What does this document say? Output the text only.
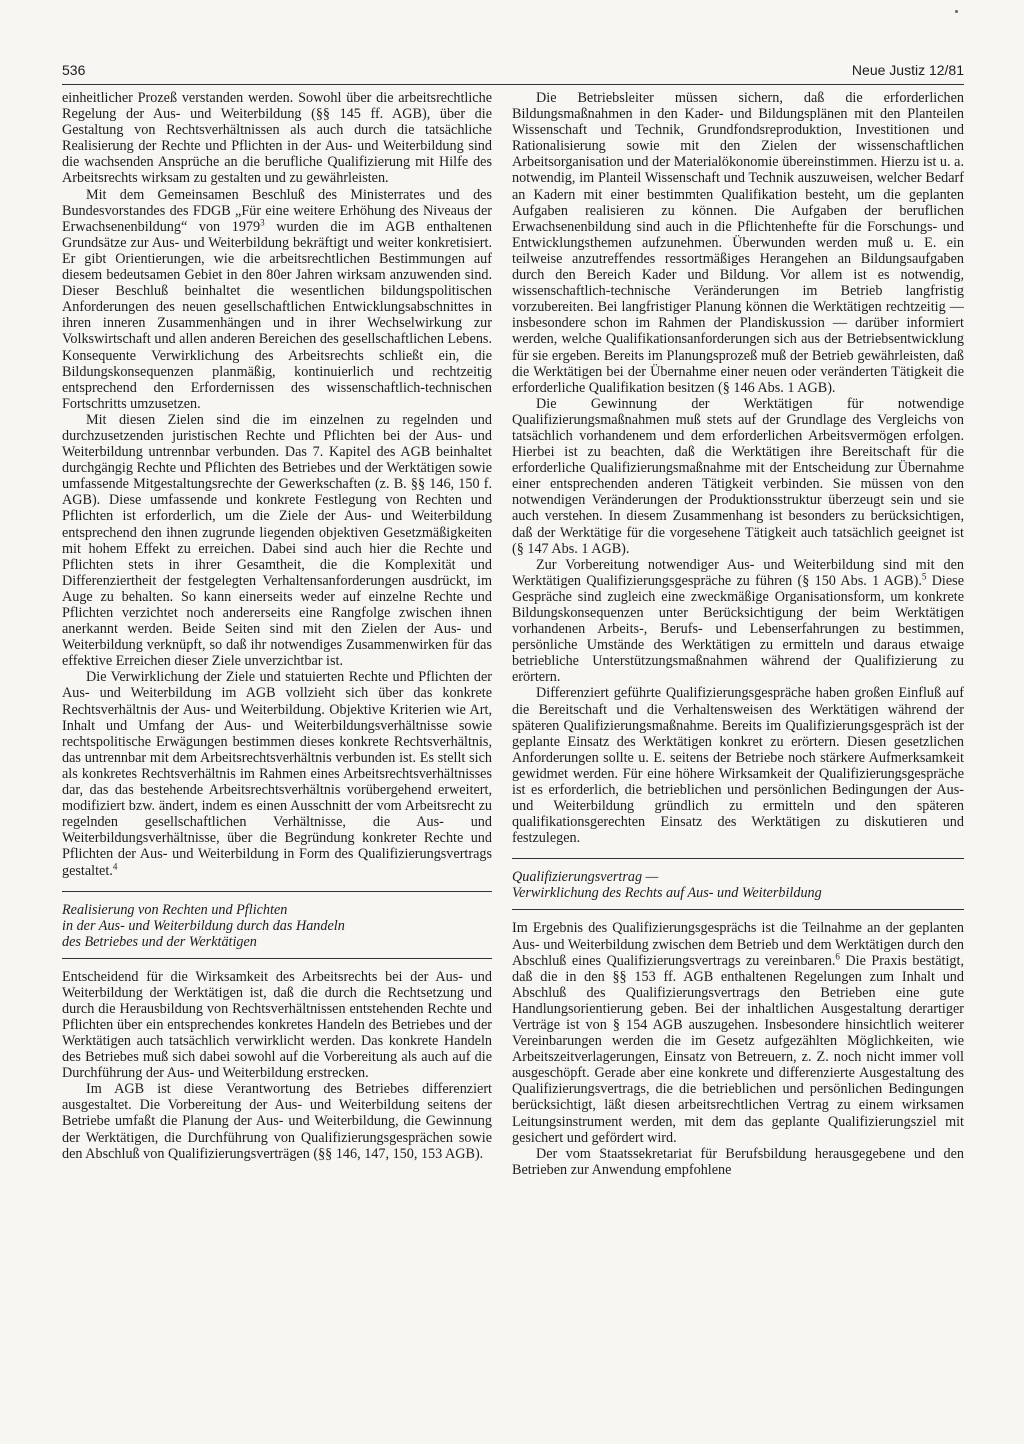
536	Neue Justiz 12/81

einheitlicher Prozeß verstanden werden. Sowohl über die arbeitsrechtliche Regelung der Aus- und Weiterbildung (§§ 145 ff. AGB), über die Gestaltung von Rechtsverhältnissen als auch durch die tatsächliche Realisierung der Rechte und Pflichten in der Aus- und Weiterbildung sind die wachsenden Ansprüche an die berufliche Qualifizierung mit Hilfe des Arbeitsrechts wirksam zu gestalten und zu gewährleisten.

Mit dem Gemeinsamen Beschluß des Ministerrates und des Bundesvorstandes des FDGB „Für eine weitere Erhöhung des Niveaus der Erwachsenenbildung“ von 1979$^3$ wurden die im AGB enthaltenen Grundsätze zur Aus- und Weiterbildung bekräftigt und weiter konkretisiert. Er gibt Orientierungen, wie die arbeitsrechtlichen Bestimmungen auf diesem bedeutsamen Gebiet in den 80er Jahren wirksam anzuwenden sind. Dieser Beschluß beinhaltet die wesentlichen bildungspolitischen Anforderungen des neuen gesellschaftlichen Entwicklungsabschnittes in ihren inneren Zusammenhängen und in ihrer Wechselwirkung zur Volkswirtschaft und allen anderen Bereichen des gesellschaftlichen Lebens. Konsequente Verwirklichung des Arbeitsrechts schließt ein, die Bildungskonsequenzen planmäßig, kontinuierlich und rechtzeitig entsprechend den Erfordernissen des wissenschaftlich-technischen Fortschritts umzusetzen.

Mit diesen Zielen sind die im einzelnen zu regelnden und durchzusetzenden juristischen Rechte und Pflichten bei der Aus- und Weiterbildung untrennbar verbunden. Das 7. Kapitel des AGB beinhaltet durchgängig Rechte und Pflichten des Betriebes und der Werktätigen sowie umfassende Mitgestaltungsrechte der Gewerkschaften (z. B. §§ 146, 150 f. AGB). Diese umfassende und konkrete Festlegung von Rechten und Pflichten ist erforderlich, um die Ziele der Aus- und Weiterbildung entsprechend den ihnen zugrunde liegenden objektiven Gesetzmäßigkeiten mit hohem Effekt zu erreichen. Dabei sind auch hier die Rechte und Pflichten stets in ihrer Gesamtheit, die die Komplexität und Differenziertheit der festgelegten Verhaltensanforderungen ausdrückt, im Auge zu behalten. So kann einerseits weder auf einzelne Rechte und Pflichten verzichtet noch andererseits eine Rangfolge zwischen ihnen anerkannt werden. Beide Seiten sind mit den Zielen der Aus- und Weiterbildung verknüpft, so daß ihr notwendiges Zusammenwirken für das effektive Erreichen dieser Ziele unverzichtbar ist.

Die Verwirklichung der Ziele und statuierten Rechte und Pflichten der Aus- und Weiterbildung im AGB vollzieht sich über das konkrete Rechtsverhältnis der Aus- und Weiterbildung. Objektive Kriterien wie Art, Inhalt und Umfang der Aus- und Weiterbildungsverhältnisse sowie rechtspolitische Erwägungen bestimmen dieses konkrete Rechtsverhältnis, das untrennbar mit dem Arbeitsrechtsverhältnis verbunden ist. Es stellt sich als konkretes Rechtsverhältnis im Rahmen eines Arbeitsrechtsverhältnisses dar, das das bestehende Arbeitsrechtsverhältnis vorübergehend erweitert, modifiziert bzw. ändert, indem es einen Ausschnitt der vom Arbeitsrecht zu regelnden gesellschaftlichen Verhältnisse, die Aus- und Weiterbildungsverhältnisse, über die Begründung konkreter Rechte und Pflichten der Aus- und Weiterbildung in Form des Qualifizierungsvertrags gestaltet.$^4$

Realisierung von Rechten und Pflichten
in der Aus- und Weiterbildung durch das Handeln
des Betriebes und der Werktätigen

Entscheidend für die Wirksamkeit des Arbeitsrechts bei der Aus- und Weiterbildung der Werktätigen ist, daß die durch die Rechtsetzung und durch die Herausbildung von Rechtsverhältnissen entstehenden Rechte und Pflichten über ein entsprechendes konkretes Handeln des Betriebes und der Werktätigen auch tatsächlich verwirklicht werden. Das konkrete Handeln des Betriebes muß sich dabei sowohl auf die Vorbereitung als auch auf die Durchführung der Aus- und Weiterbildung erstrecken.

Im AGB ist diese Verantwortung des Betriebes differenziert ausgestaltet. Die Vorbereitung der Aus- und Weiterbildung seitens der Betriebe umfaßt die Planung der Aus- und Weiterbildung, die Gewinnung der Werktätigen, die Durchführung von Qualifizierungsgesprächen sowie den Abschluß von Qualifizierungsverträgen (§§ 146, 147, 150, 153 AGB).

Die Betriebsleiter müssen sichern, daß die erforderlichen Bildungsmaßnahmen in den Kader- und Bildungsplänen mit den Planteilen Wissenschaft und Technik, Grundfondsreproduktion, Investitionen und Rationalisierung sowie mit den Zielen der wissenschaftlichen Arbeitsorganisation und der Materialökonomie übereinstimmen. Hierzu ist u. a. notwendig, im Planteil Wissenschaft und Technik auszuweisen, welcher Bedarf an Kadern mit einer bestimmten Qualifikation besteht, um die geplanten Aufgaben realisieren zu können. Die Aufgaben der beruflichen Erwachsenenbildung sind auch in die Pflichtenhefte für die Forschungs- und Entwicklungsthemen aufzunehmen. Überwunden werden muß u. E. ein teilweise anzutreffendes ressortmäßiges Herangehen an Bildungsaufgaben durch den Bereich Kader und Bildung. Vor allem ist es notwendig, wissenschaftlich-technische Veränderungen im Betrieb langfristig vorzubereiten. Bei langfristiger Planung können die Werktätigen rechtzeitig — insbesondere schon im Rahmen der Plandiskussion — darüber informiert werden, welche Qualifikationsanforderungen sich aus der Betriebsentwicklung für sie ergeben. Bereits im Planungsprozeß muß der Betrieb gewährleisten, daß die Werktätigen bei der Übernahme einer neuen oder veränderten Tätigkeit die erforderliche Qualifikation besitzen (§ 146 Abs. 1 AGB).

Die Gewinnung der Werktätigen für notwendige Qualifizierungsmaßnahmen muß stets auf der Grundlage des Vergleichs von tatsächlich vorhandenem und dem erforderlichen Arbeitsvermögen erfolgen. Hierbei ist zu beachten, daß die Werktätigen ihre Bereitschaft für die erforderliche Qualifizierungsmaßnahme mit der Entscheidung zur Übernahme einer entsprechenden anderen Tätigkeit verbinden. Sie müssen von den notwendigen Veränderungen der Produktionsstruktur überzeugt sein und sie auch verstehen. In diesem Zusammenhang ist besonders zu berücksichtigen, daß der Werktätige für die vorgesehene Tätigkeit auch tatsächlich geeignet ist (§ 147 Abs. 1 AGB).

Zur Vorbereitung notwendiger Aus- und Weiterbildung sind mit den Werktätigen Qualifizierungsgespräche zu führen (§ 150 Abs. 1 AGB).$^5$ Diese Gespräche sind zugleich eine zweckmäßige Organisationsform, um konkrete Bildungskonsequenzen unter Berücksichtigung der beim Werktätigen vorhandenen Arbeits-, Berufs- und Lebenserfahrungen zu bestimmen, persönliche Umstände des Werktätigen zu ermitteln und daraus etwaige betriebliche Unterstützungsmaßnahmen während der Qualifizierung zu erörtern.

Differenziert geführte Qualifizierungsgespräche haben großen Einfluß auf die Bereitschaft und die Verhaltensweisen des Werktätigen während der späteren Qualifizierungsmaßnahme. Bereits im Qualifizierungsgespräch ist der geplante Einsatz des Werktätigen konkret zu erörtern. Diesen gesetzlichen Anforderungen sollte u. E. seitens der Betriebe noch stärkere Aufmerksamkeit gewidmet werden. Für eine höhere Wirksamkeit der Qualifizierungsgespräche ist es erforderlich, die betrieblichen und persönlichen Bedingungen der Aus- und Weiterbildung gründlich zu ermitteln und den späteren qualifikationsgerechten Einsatz des Werktätigen zu diskutieren und festzulegen.

Qualifizierungsvertrag —
Verwirklichung des Rechts auf Aus- und Weiterbildung

Im Ergebnis des Qualifizierungsgesprächs ist die Teilnahme an der geplanten Aus- und Weiterbildung zwischen dem Betrieb und dem Werktätigen durch den Abschluß eines Qualifizierungsvertrags zu vereinbaren.$^6$ Die Praxis bestätigt, daß die in den §§ 153 ff. AGB enthaltenen Regelungen zum Inhalt und Abschluß des Qualifizierungsvertrags den Betrieben eine gute Handlungsorientierung geben. Bei der inhaltlichen Ausgestaltung derartiger Verträge ist von § 154 AGB auszugehen. Insbesondere hinsichtlich weiterer Vereinbarungen werden die im Gesetz aufgezählten Möglichkeiten, wie Arbeitszeitverlagerungen, Einsatz von Betreuern, z. Z. noch nicht immer voll ausgeschöpft. Gerade aber eine konkrete und differenzierte Ausgestaltung des Qualifizierungsvertrags, die die betrieblichen und persönlichen Bedingungen berücksichtigt, läßt diesen arbeitsrechtlichen Vertrag zu einem wirksamen Leitungsinstrument werden, mit dem das geplante Qualifizierungsziel mit gesichert und gefördert wird.

Der vom Staatssekretariat für Berufsbildung herausgegebene und den Betrieben zur Anwendung empfohlene
